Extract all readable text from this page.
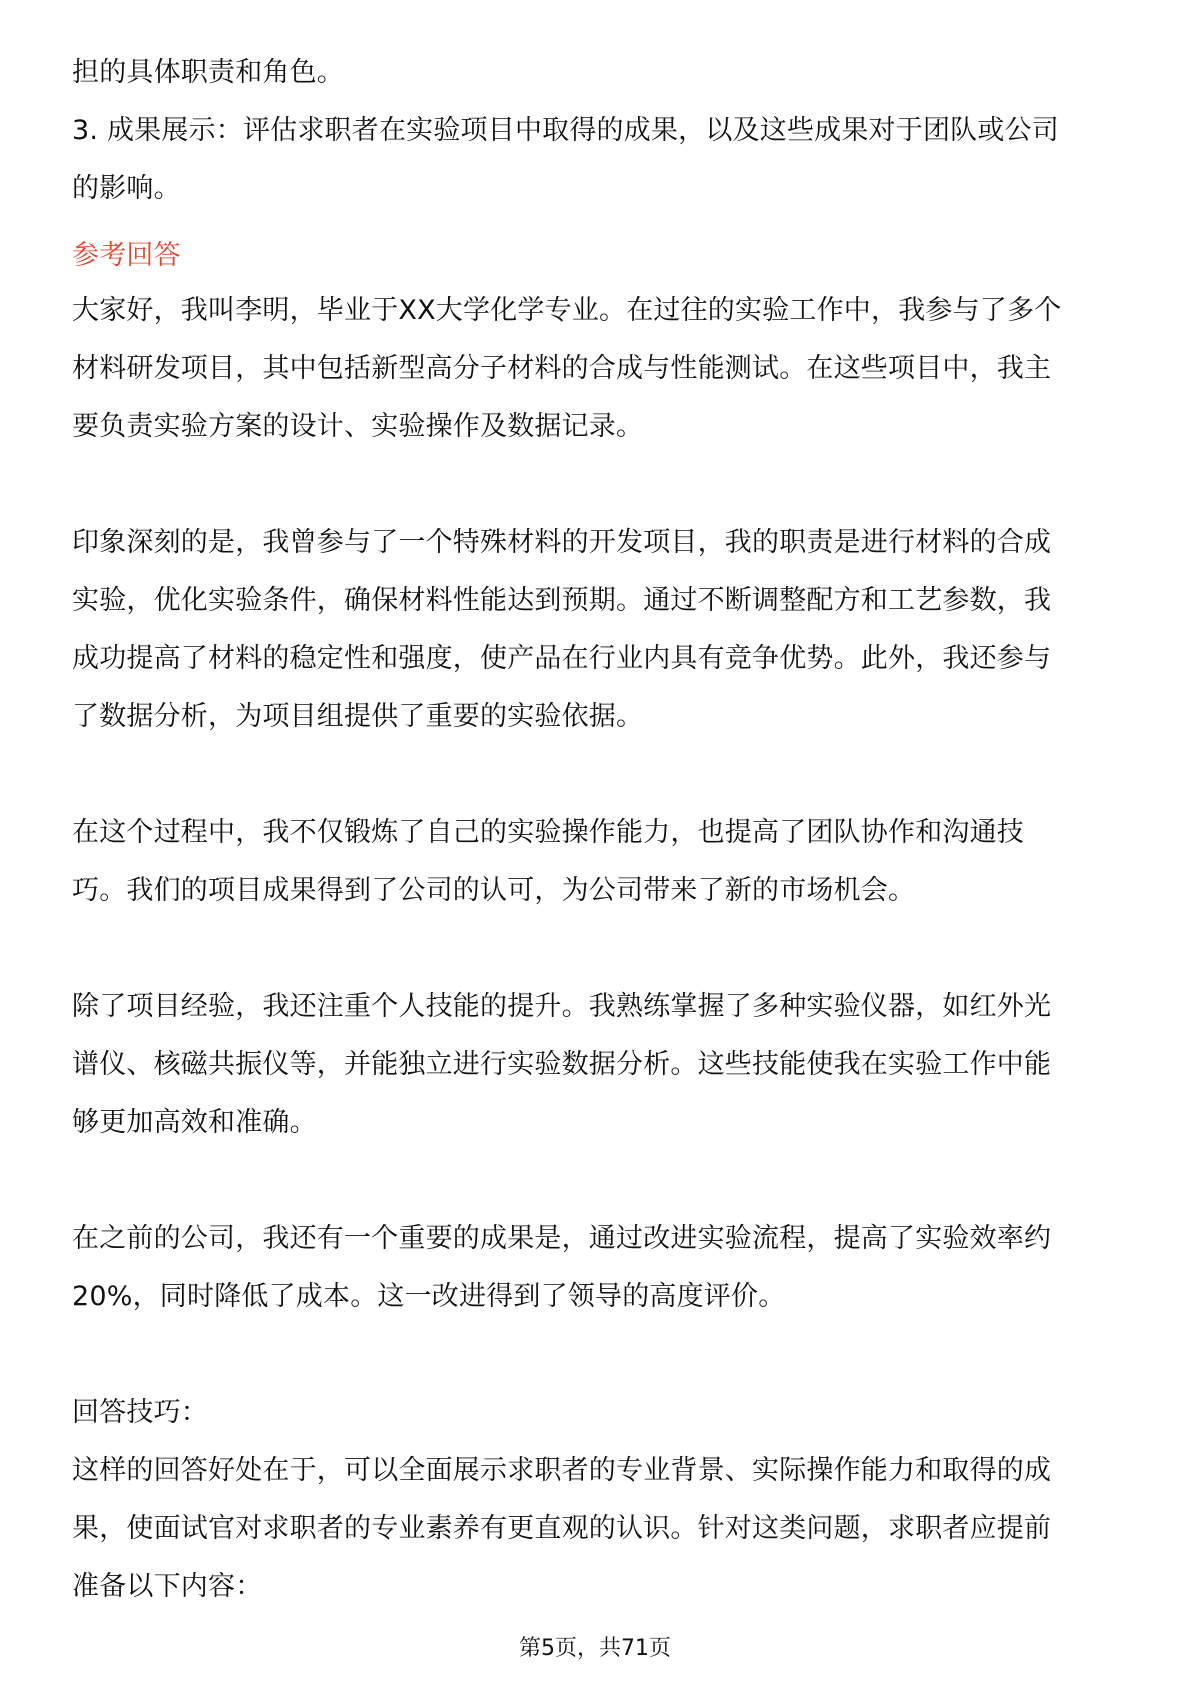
担的具体职责和角色。

3. 成果展示：评估求职者在实验项目中取得的成果，以及这些成果对于团队或公司

的影响。

参考回答

大家好，我叫李明，毕业于XX大学化学专业。在过往的实验工作中，我参与了多个

材料研发项目，其中包括新型高分子材料的合成与性能测试。在这些项目中，我主

要负责实验方案的设计、实验操作及数据记录。

印象深刻的是，我曾参与了一个特殊材料的开发项目，我的职责是进行材料的合成

实验，优化实验条件，确保材料性能达到预期。通过不断调整配方和工艺参数，我

成功提高了材料的稳定性和强度，使产品在行业内具有竞争优势。此外，我还参与

了数据分析，为项目组提供了重要的实验依据。

在这个过程中，我不仅锻炼了自己的实验操作能力，也提高了团队协作和沟通技

巧。我们的项目成果得到了公司的认可，为公司带来了新的市场机会。

除了项目经验，我还注重个人技能的提升。我熟练掌握了多种实验仪器，如红外光

谱仪、核磁共振仪等，并能独立进行实验数据分析。这些技能使我在实验工作中能

够更加高效和准确。

在之前的公司，我还有一个重要的成果是，通过改进实验流程，提高了实验效率约

20%，同时降低了成本。这一改进得到了领导的高度评价。

回答技巧：

这样的回答好处在于，可以全面展示求职者的专业背景、实际操作能力和取得的成

果，使面试官对求职者的专业素养有更直观的认识。针对这类问题，求职者应提前

准备以下内容：

第5页，共71页
